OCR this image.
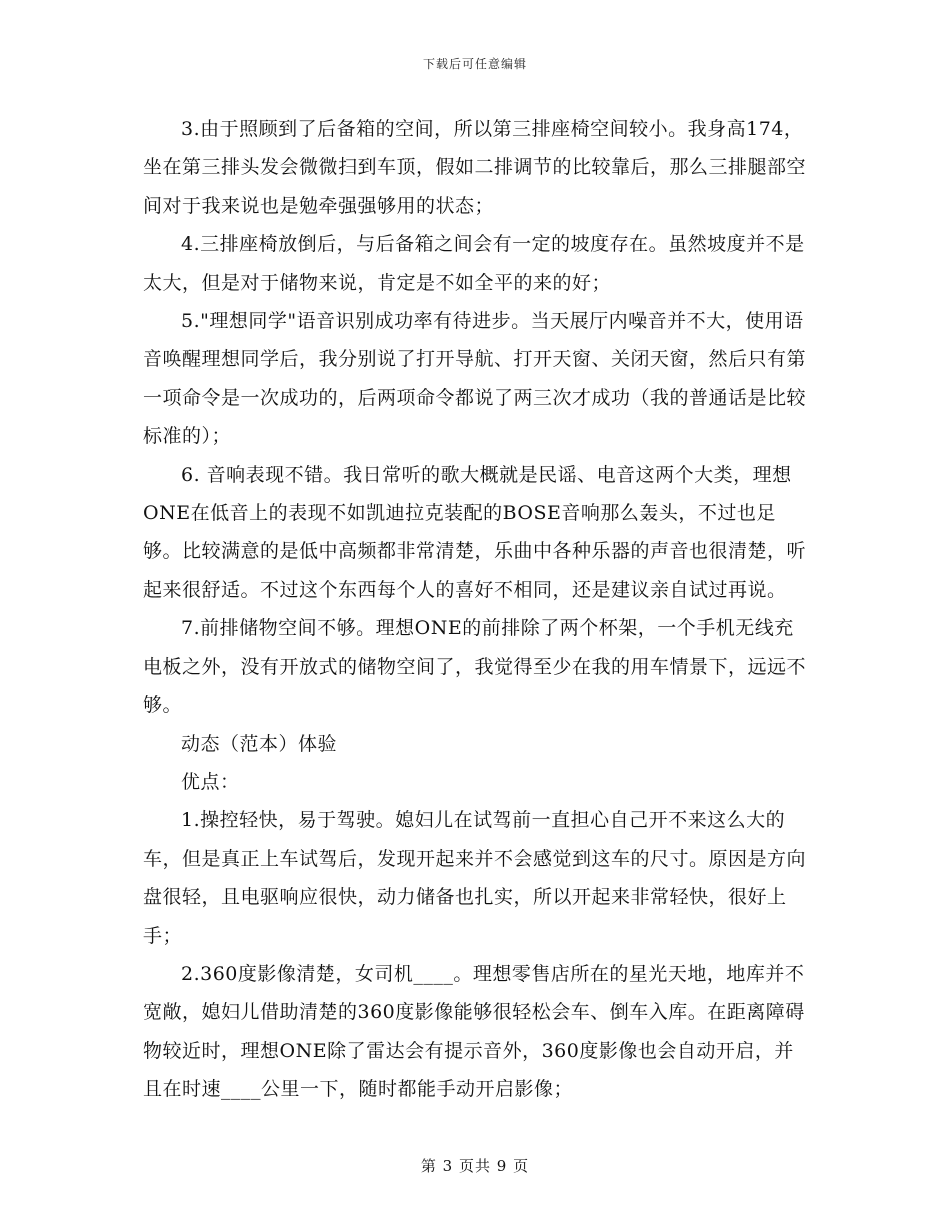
下载后可任意编辑

3.由于照顾到了后备箱的空间，所以第三排座椅空间较小。我身高174，坐在第三排头发会微微扫到车顶，假如二排调节的比较靠后，那么三排腿部空间对于我来说也是勉牵强强够用的状态；

4.三排座椅放倒后，与后备箱之间会有一定的坡度存在。虽然坡度并不是太大，但是对于储物来说，肯定是不如全平的来的好；

5."理想同学"语音识别成功率有待进步。当天展厅内噪音并不大，使用语音唤醒理想同学后，我分别说了打开导航、打开天窗、关闭天窗，然后只有第一项命令是一次成功的，后两项命令都说了两三次才成功（我的普通话是比较标准的）；

6. 音响表现不错。我日常听的歌大概就是民谣、电音这两个大类，理想ONE在低音上的表现不如凯迪拉克装配的BOSE音响那么轰头，不过也足够。比较满意的是低中高频都非常清楚，乐曲中各种乐器的声音也很清楚，听起来很舒适。不过这个东西每个人的喜好不相同，还是建议亲自试过再说。

7.前排储物空间不够。理想ONE的前排除了两个杯架，一个手机无线充电板之外，没有开放式的储物空间了，我觉得至少在我的用车情景下，远远不够。

动态（范本）体验

优点：

1.操控轻快，易于驾驶。媳妇儿在试驾前一直担心自己开不来这么大的车，但是真正上车试驾后，发现开起来并不会感觉到这车的尺寸。原因是方向盘很轻，且电驱响应很快，动力储备也扎实，所以开起来非常轻快，很好上手；

2.360度影像清楚，女司机____。理想零售店所在的星光天地，地库并不宽敞，媳妇儿借助清楚的360度影像能够很轻松会车、倒车入库。在距离障碍物较近时，理想ONE除了雷达会有提示音外，360度影像也会自动开启，并且在时速____公里一下，随时都能手动开启影像；

第 3 页共 9 页
